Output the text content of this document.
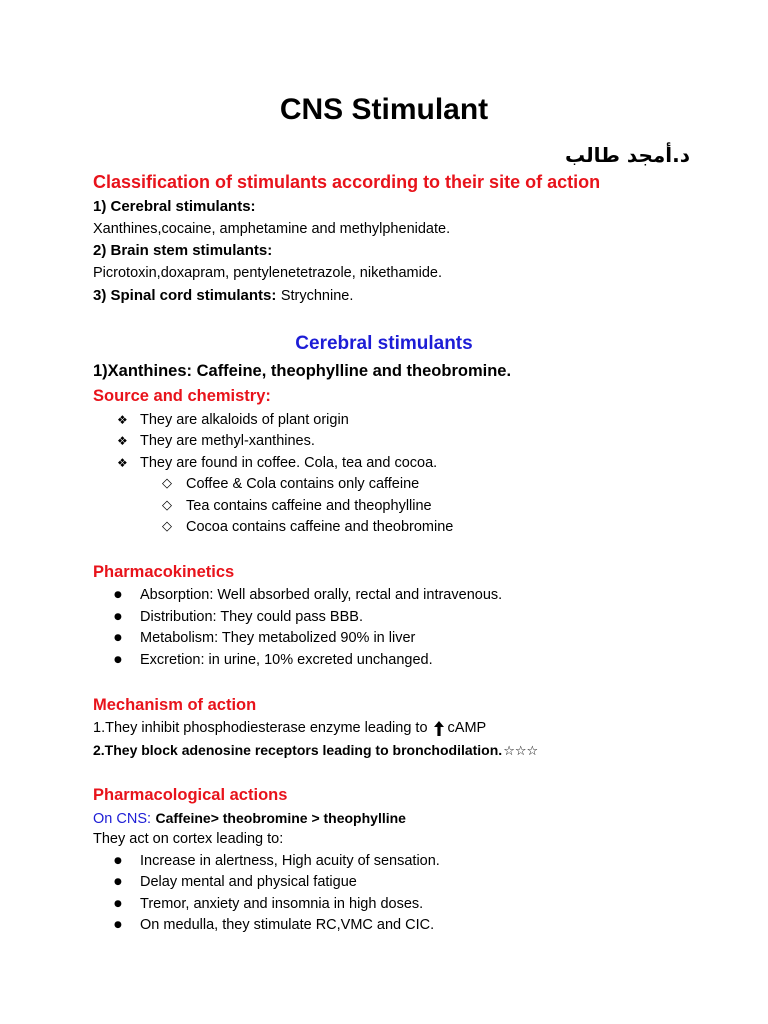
CNS Stimulant
د.أمجد طالب
Classification of stimulants according to their site of action
1) Cerebral stimulants:
Xanthines,cocaine, amphetamine and methylphenidate.
2) Brain stem stimulants:
Picrotoxin,doxapram, pentylenetetrazole, nikethamide.
3) Spinal cord stimulants: Strychnine.
Cerebral stimulants
1)Xanthines: Caffeine, theophylline and theobromine.
Source and chemistry:
❖ They are alkaloids of plant origin
❖ They are methyl-xanthines.
❖ They are found in coffee. Cola, tea and cocoa.
◇ Coffee & Cola contains only caffeine
◇ Tea contains caffeine and theophylline
◇ Cocoa contains caffeine and theobromine
Pharmacokinetics
●	Absorption: Well absorbed orally, rectal and intravenous.
●	Distribution: They could pass BBB.
●	Metabolism: They metabolized 90% in liver
●	Excretion: in urine, 10% excreted unchanged.
Mechanism of action
1.They inhibit phosphodiesterase enzyme leading to cAMP
2.They block adenosine receptors leading to bronchodilation.☆☆☆
Pharmacological actions
On CNS: Caffeine> theobromine > theophylline
They act on cortex leading to:
●	Increase in alertness, High acuity of sensation.
●	Delay mental and physical fatigue
●	Tremor, anxiety and insomnia in high doses.
●	On medulla, they stimulate RC,VMC and CIC.
